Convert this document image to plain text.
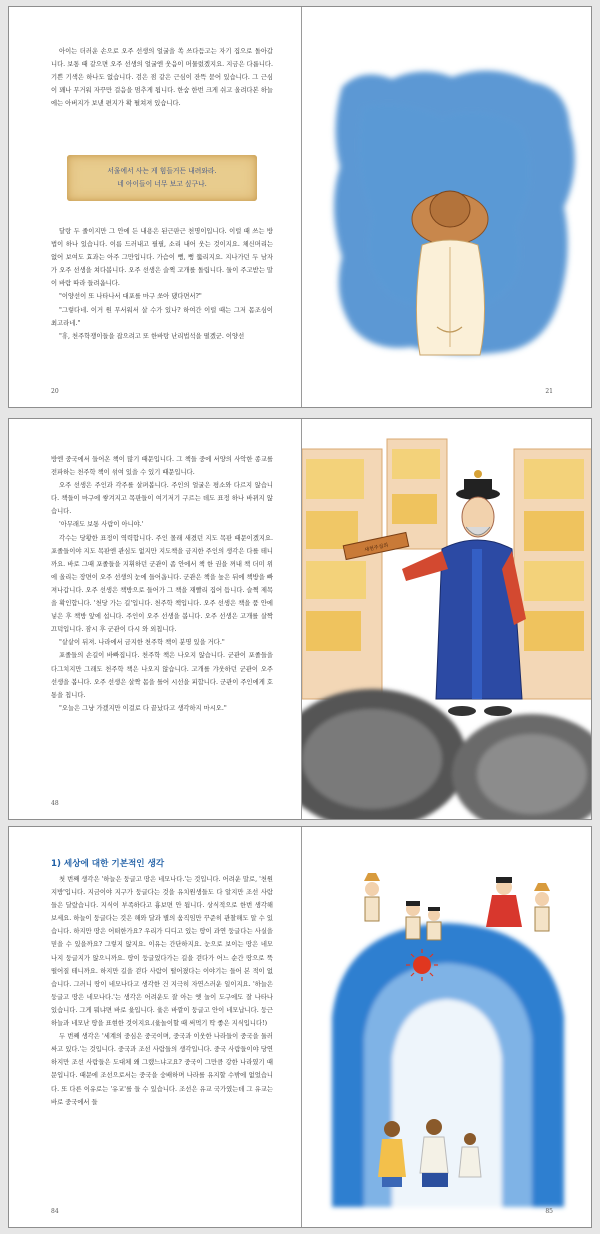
아이는 더러운 손으로 오주 선생의 얼굴을 쏙 쓰다듬고는 자기 집으로 돌아갑니다. 보통 때 같으면 오주 선생의 얼굴엔 웃음이 머물렀겠지요. 지금은 다릅니다. 기쁜 기색은 하나도 없습니다. 검은 점 같은 근심이 잔뜩 묻어 있습니다. 그 근심이 꽤나 무거워 자꾸만 걸음을 멈추게 됩니다. 한숨 한번 크게 쉬고 올려다본 하늘에는 아버지가 보낸 편지가 확 펼쳐져 있습니다.

서울에서 사는 게 힘들거든 내려와라.
네 아이들이 너무 보고 싶구나.

달랑 두 줄이지만 그 안에 든 내용은 된근판근 천명이입니다. 이럴 때 쓰는 방법이 하나 있습니다. 이름 드러내고 필필, 소리 내어 웃는 것이지요. 체신머리는 없어 보여도 효과는 아주 그만입니다. 가슴이 뻥, 뻥 뚫리지요. 지나가던 두 남자가 오주 선생을 쳐다봅니다. 오주 선생은 슬쩍 고개를 돌립니다. 둘이 주고받는 말이 바람 따라 들려옵니다.

"이양선이 또 나타나서 대포를 마구 쏘아 댔다면서?"

"그렇다네. 이거 원 무서워서 살 수가 있나? 하여간 이럴 때는 그저 몸조심이 최고라네."

"휴, 천주학쟁이들을 잡으려고 또 한바탕 난리법석을 떨겠군. 이양선

20	21

방엔 중국에서 들어온 책이 많기 때문입니다. 그 책들 중에 서양의 사악한 종교를 전파하는 천주학 책이 섞여 있을 수 있기 때문입니다.

오주 선생은 주인과 각주를 살펴봅니다. 주인의 얼굴은 평소와 다르지 않습니다. 책들이 마구에 쌓겨지고 목판들이 여기저기 구르는 데도 표정 하나 바뀌지 않습니다.

'아무래도 보통 사람이 아니야.'

각수는 당황한 표정이 역력합니다. 주인 몰래 새겼던 지도 목판 때문이겠지요. 포졸들이야 지도 목판엔 관심도 없지만 지도책을 금지한 주인의 생각은 다를 테니까요. 바로 그때 포졸들을 지휘하던 군관이 좀 안에서 책 한 권을 꺼내 책 더미 위에 올리는 장면이 오주 선생의 눈에 들어옵니다. 군관은 책을 높은 뒤에 책방을 빠져나갑니다. 오주 선생은 책방으로 들어가 그 책을 재빨리 집어 듭니다. 슬쩍 제목을 확인합니다. '천당 가는 길'입니다. 천주학 책입니다. 오주 선생은 책을 품 안에 넣은 후 책방 앞에 섭니다. 주인이 오주 선생을 봅니다. 오주 선생은 고개를 살짝 끄덕입니다. 잠시 후 군관이 다시 와 외칩니다.

"샅샅이 뒤져. 나라에서 금지한 천주학 책이 분명 있을 거다."

포졸들의 손길이 바빠집니다. 천주학 책은 나오지 않습니다. 군관이 포졸들을 다그치지만 그래도 천주학 책은 나오지 않습니다. 고개를 갸웃하던 군관이 오주 선생을 봅니다. 오주 선생은 살짝 몸을 틀어 시선을 피합니다. 군관이 주인에게 호통을 칩니다.

"오늘은 그냥 가겠지만 이걸로 다 끝났다고 생각하지 마시오."

48
새천주실의
1) 세상에 대한 기본적인 생각

첫 번째 생각은 '하늘은 둥글고 땅은 네모나다.'는 것입니다. 어려운 말로, '천원지방'입니다. 지금이야 지구가 둥글다는 것을 유치원생들도 다 알지만 조선 사람들은 달랐습니다. 지식이 부족하다고 흉보면 안 됩니다. 상식적으로 한번 생각해 보세요. 하늘이 둥글다는 것은 해와 달과 별의 움직임만 꾸준히 관찰해도 알 수 있습니다. 하지만 땅은 어떠한가요? 우리가 디디고 있는 땅이 과연 둥글다는 사실을 믿을 수 있을까요? 그렇지 않지요. 이유는 간단하지요. 눈으로 보이는 땅은 네모나지 둥글지가 않으니까요. 땅이 둥글었다가는 길을 걷다가 어느 순간 땅으로 뚝 떨어질 테니까요. 하지만 길을 걷다 사람이 떨어졌다는 이야기는 들어 본 적이 없습니다. 그러니 땅이 네모나다고 생각한 건 지극히 자연스러운 일이지요. '하늘은 둥글고 땅은 네모나다.'는 생각은 어려운도 잘 아는 옛 놀이 도구에도 잘 나타나 있습니다. 그게 뭐냐면 바로 윷입니다. 윷은 바깥이 둥글고 안이 네모납니다. 둥근 하늘과 네모난 땅을 표현한 것이지요.(윷놀이할 때 써먹기 딱 좋은 지식입니다!)

두 번째 생각은 '세계의 중심은 중국이며, 중국과 이웃한 나라들이 중국을 둘러싸고 있다.'는 것입니다. 중국과 조선 사람들의 생각입니다. 중국 사람들이야 당연하지만 조선 사람들은 도대체 왜 그랬느냐고요? 중국이 그만큼 강한 나라였기 때문입니다. 때문에 조선으로서는 중국을 숭배하며 나라를 유지할 수밖에 없었습니다. 또 다른 이유로는 '유교'를 들 수 있습니다. 조선은 유교 국가였는데 그 유교는 바로 중국에서 들

84	85
